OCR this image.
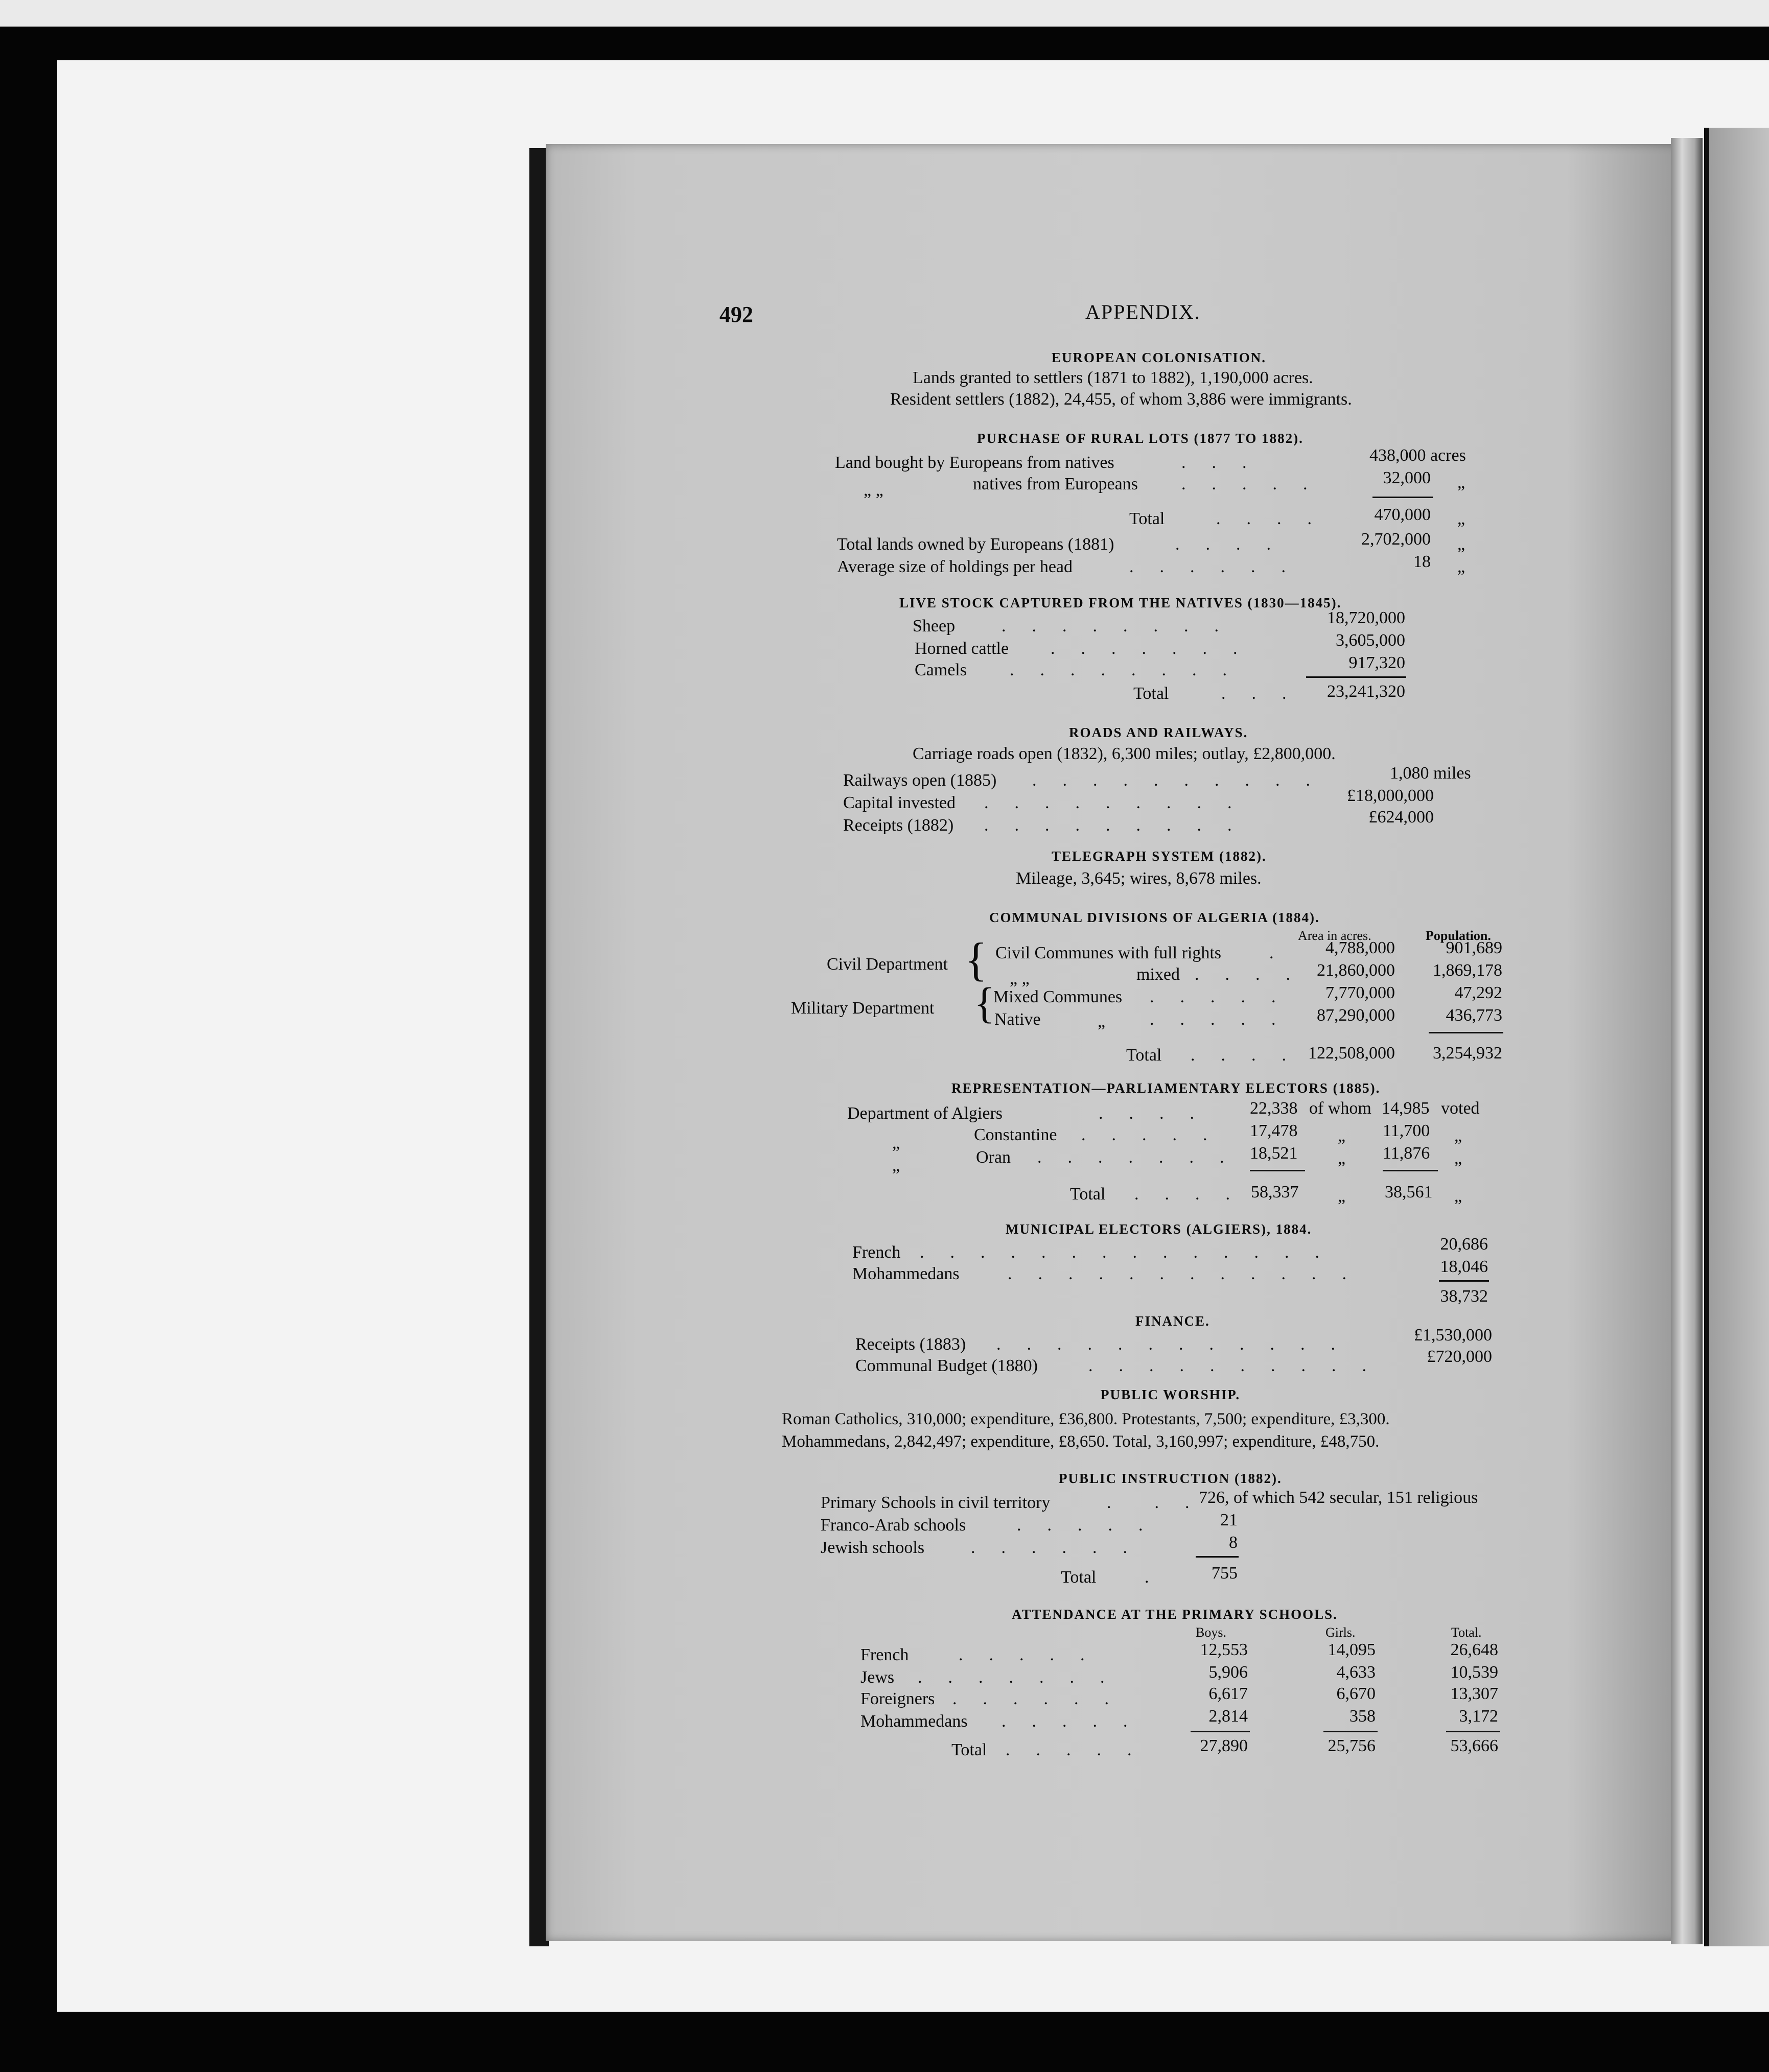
492	APPENDIX.
EUROPEAN COLONISATION.
Lands granted to settlers (1871 to 1882), 1,190,000 acres.
Resident settlers (1882), 24,455, of whom 3,886 were immigrants.
PURCHASE OF RURAL LOTS (1877 TO 1882).
Land bought by Europeans from natives	.      .      .	438,000 acres
„ „	natives from Europeans	.      .      .      .      .	32,000 „
Total	.      .      .      .	470,000 „
Total lands owned by Europeans (1881)	.      .      .      .	2,702,000 „
Average size of holdings per head	.      .      .      .      .      .	18 „
LIVE STOCK CAPTURED FROM THE NATIVES (1830—1845).
Sheep	.      .      .      .      .      .      .      .	18,720,000
Horned cattle .      .      .      .      .      .      .	3,605,000
Camels .      .      .      .      .      .      .      .	917,320
Total	.      .      .	23,241,320
ROADS AND RAILWAYS.
Carriage roads open (1832), 6,300 miles; outlay, £2,800,000.
Railways open (1885) .      .      .      .      .      .      .      .      .      .	1,080 miles
Capital invested .      .      .      .      .      .      .      .      .	£18,000,000
Receipts (1882) .      .      .      .      .      .      .      .      .	£624,000
TELEGRAPH SYSTEM (1882).
Mileage, 3,645; wires, 8,678 miles.
COMMUNAL DIVISIONS OF ALGERIA (1884).
Area in acres.	Population.
Civil Department { Civil Communes with full rights	.	4,788,000	901,689
„ „	mixed .      .      .      .	21,860,000	1,869,178
Military Department {
Mixed Communes .      .      .      .      .	7,770,000	47,292
Native	„	.      .      .      .      .	87,290,000	436,773
Total .      .      .      .	122,508,000	3,254,932
REPRESENTATION—PARLIAMENTARY ELECTORS (1885).
Department of Algiers	.      .      .      .	22,338 of whom 14,985 voted
„	Constantine .      .      .      .      . 17,478 „ 11,700 „
„	Oran .      .      .      .      .      .      . 18,521 „ 11,876 „
Total .      .      .      . 58,337 „ 38,561 „
MUNICIPAL ELECTORS (ALGIERS), 1884.
French .      .      .      .      .      .      .      .      .      .      .      .      .      .	20,686
Mohammedans	.      .      .      .      .      .      .      .      .      .      .      .	18,046
38,732
FINANCE.
Receipts (1883) .      .      .      .      .      .      .      .      .      .      .      .	£1,530,000
Communal Budget (1880)	.      .      .      .      .      .      .      .      .      .	£720,000
PUBLIC WORSHIP.
Roman Catholics, 310,000; expenditure, £36,800. Protestants, 7,500; expenditure, £3,300.
Mohammedans, 2,842,497; expenditure, £8,650. Total, 3,160,997; expenditure, £48,750.
PUBLIC INSTRUCTION (1882).
Primary Schools in civil territory	.          .      . 726, of which 542 secular, 151 religious
Franco-Arab schools	.      .      .      .      .	21
Jewish schools	.      .      .      .      .      .	8
Total	.	755
ATTENDANCE AT THE PRIMARY SCHOOLS.
Boys.	Girls.	Total.
French	.      .      .      .      .	12,553	14,095	26,648
Jews .      .      .      .      .      .      .	5,906	4,633	10,539
Foreigners .      .      .      .      .      .	6,617	6,670	13,307
Mohammedans .      .      .      .      .	2,814	358	3,172
Total .      .      .      .      .	27,890	25,756	53,666
